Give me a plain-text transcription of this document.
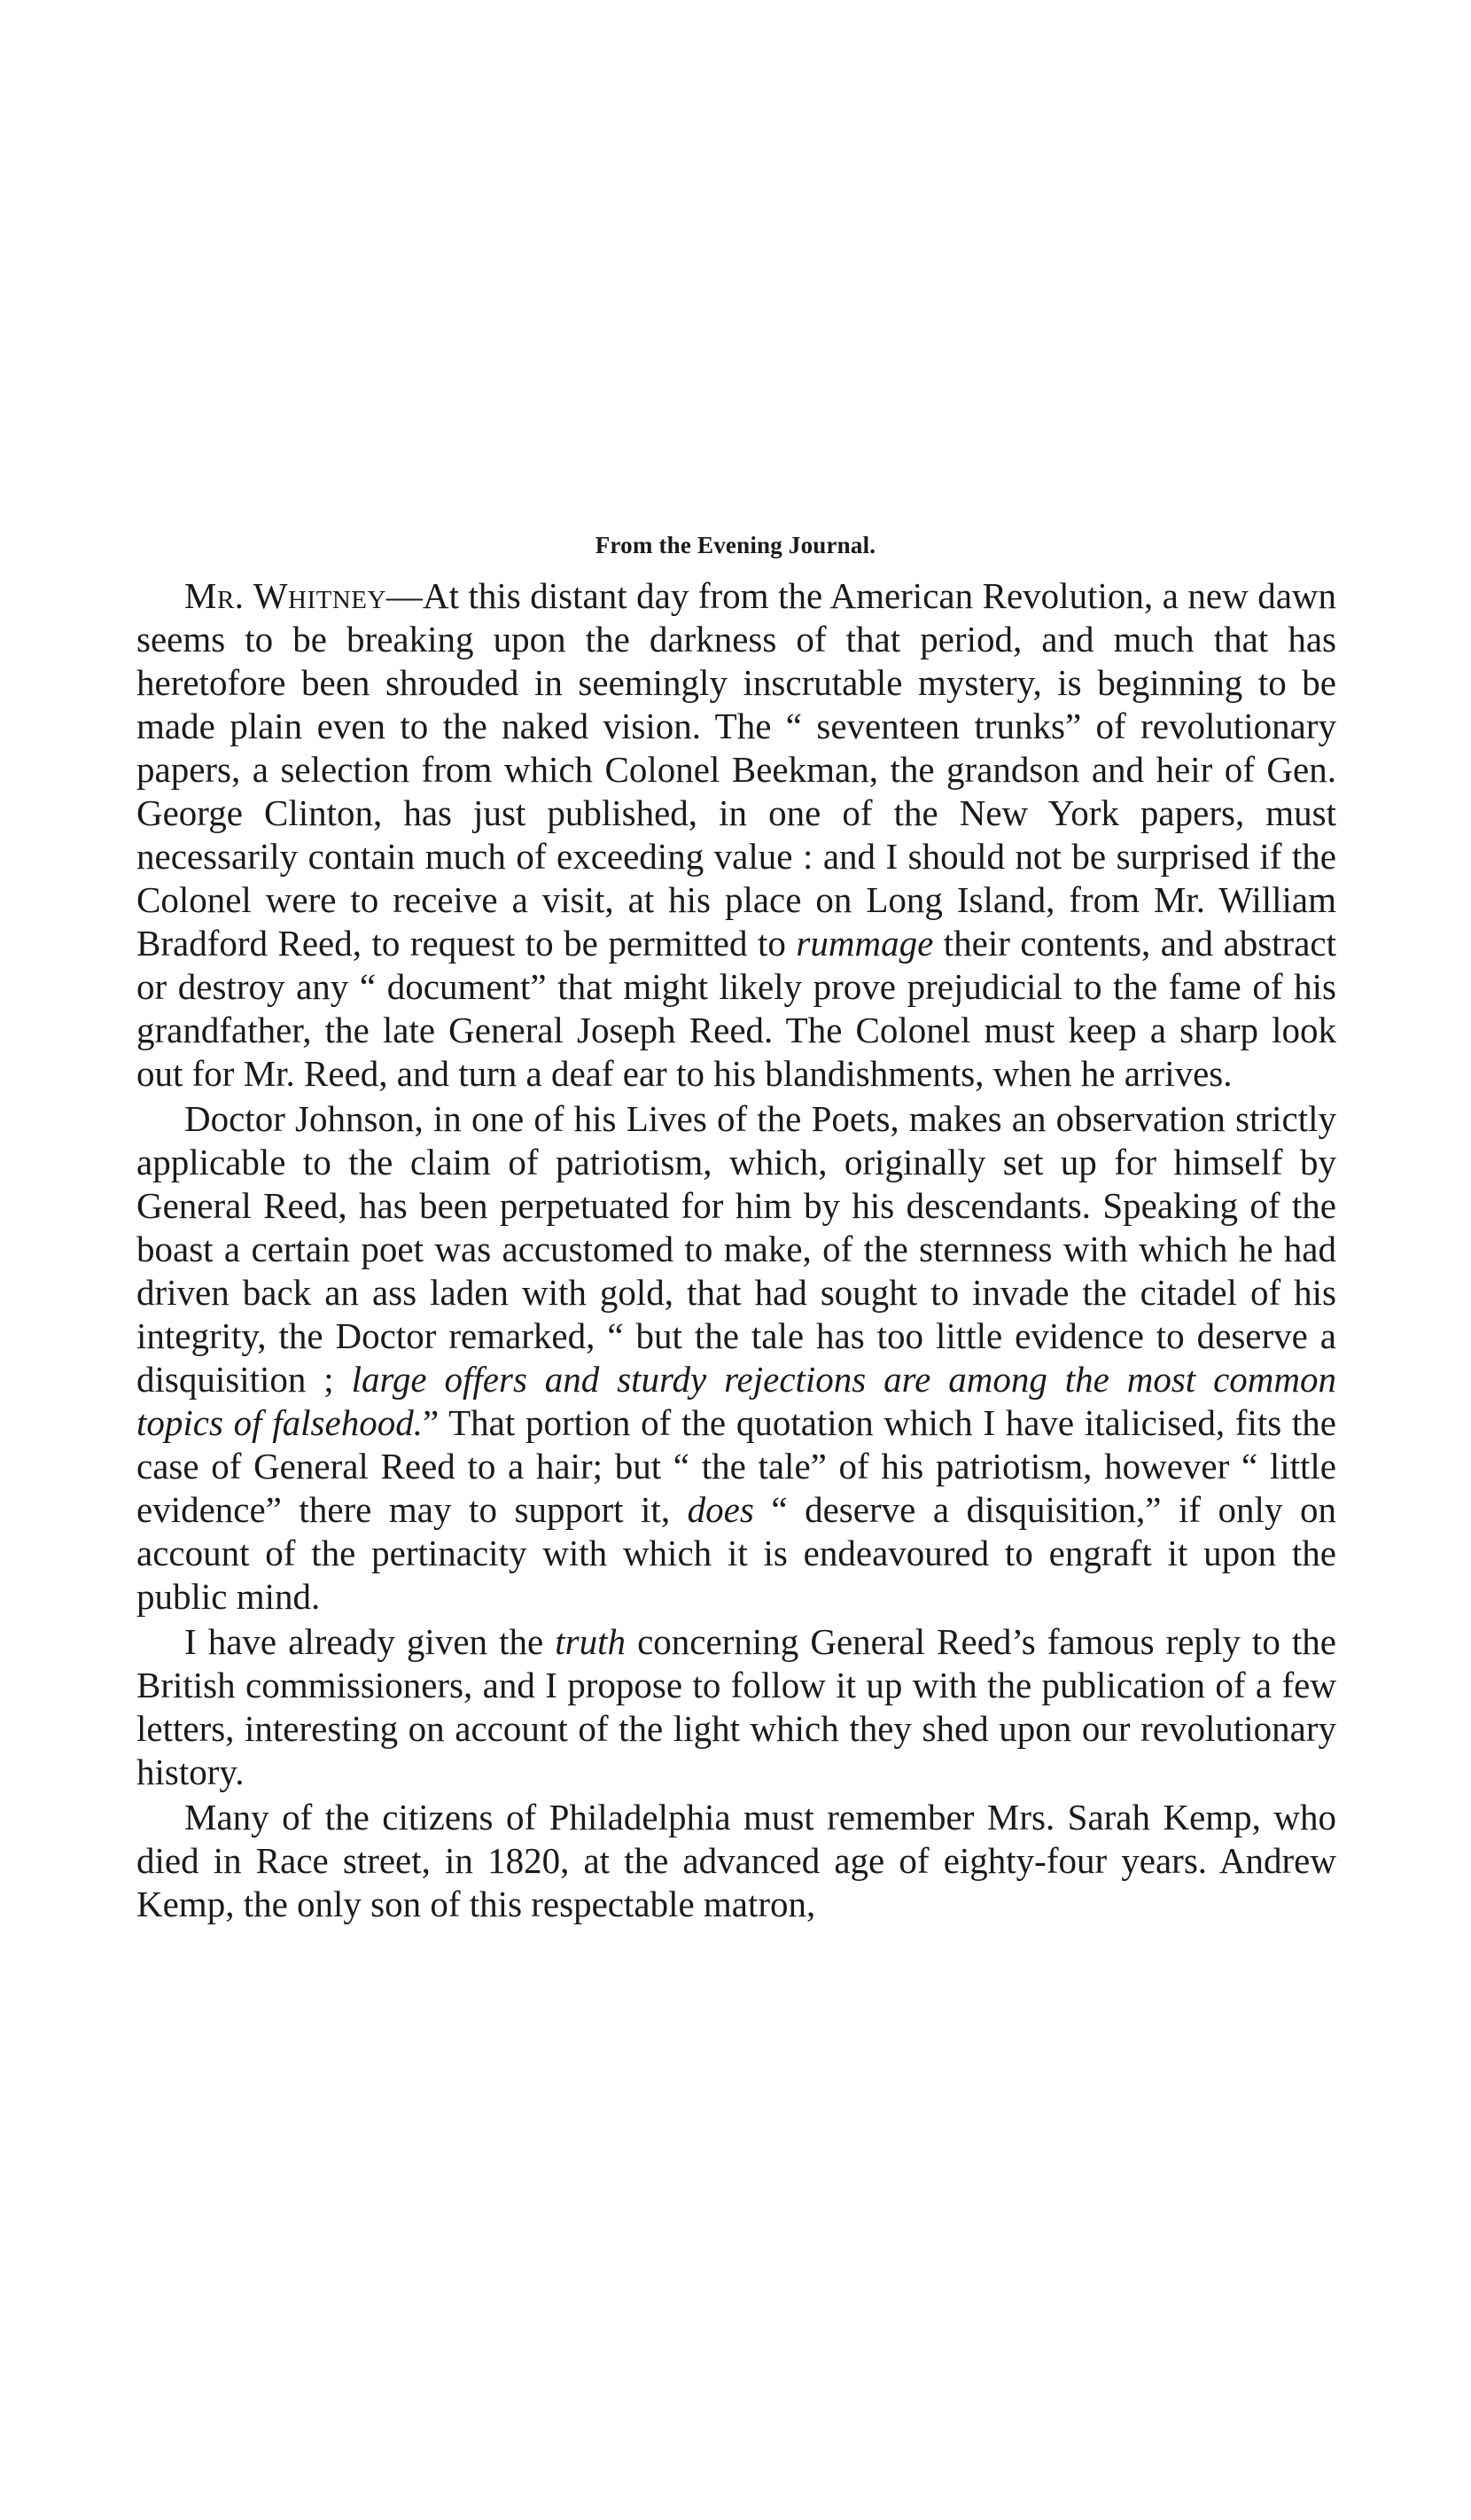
From the Evening Journal.

Mr. Whitney—At this distant day from the American Revolution, a new dawn seems to be breaking upon the darkness of that period, and much that has heretofore been shrouded in seemingly inscrutable mystery, is beginning to be made plain even to the naked vision. The “ seventeen trunks” of revolutionary papers, a selection from which Colonel Beekman, the grandson and heir of Gen. George Clinton, has just published, in one of the New York papers, must necessarily contain much of exceeding value : and I should not be surprised if the Colonel were to receive a visit, at his place on Long Island, from Mr. William Bradford Reed, to request to be permitted to rummage their contents, and abstract or destroy any “ document” that might likely prove prejudicial to the fame of his grandfather, the late General Joseph Reed. The Colonel must keep a sharp look out for Mr. Reed, and turn a deaf ear to his blandishments, when he arrives.

Doctor Johnson, in one of his Lives of the Poets, makes an observation strictly applicable to the claim of patriotism, which, originally set up for himself by General Reed, has been perpetuated for him by his descendants. Speaking of the boast a certain poet was accustomed to make, of the sternness with which he had driven back an ass laden with gold, that had sought to invade the citadel of his integrity, the Doctor remarked, “ but the tale has too little evidence to deserve a disquisition ; large offers and sturdy rejections are among the most common topics of falsehood.” That portion of the quotation which I have italicised, fits the case of General Reed to a hair; but “ the tale” of his patriotism, however “ little evidence” there may to support it, does “ deserve a disquisition,” if only on account of the pertinacity with which it is endeavoured to engraft it upon the public mind.

I have already given the truth concerning General Reed’s famous reply to the British commissioners, and I propose to follow it up with the publication of a few letters, interesting on account of the light which they shed upon our revolutionary history.

Many of the citizens of Philadelphia must remember Mrs. Sarah Kemp, who died in Race street, in 1820, at the advanced age of eighty-four years. Andrew Kemp, the only son of this respectable matron,
